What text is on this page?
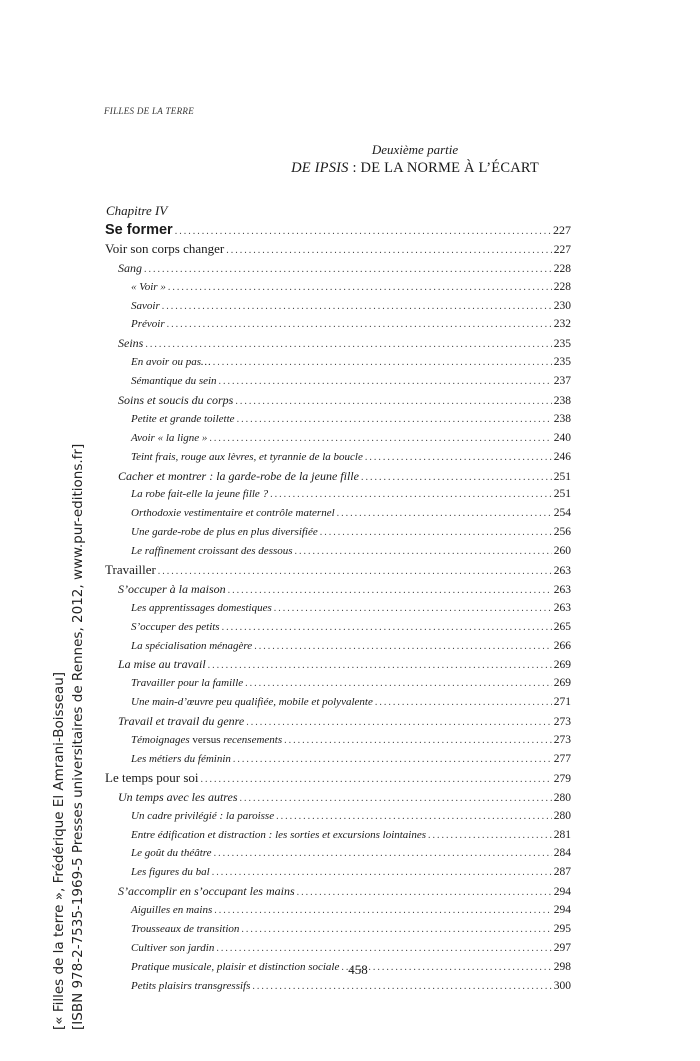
FILLES DE LA TERRE
Deuxième partie
DE IPSIS : DE LA NORME À L’ÉCART
Chapitre IV
Se former .....	227
Voir son corps changer .....	227
Sang .....	228
« Voir » .....	228
Savoir .....	230
Prévoir .....	232
Seins .....	235
En avoir ou pas… .....	235
Sémantique du sein .....	237
Soins et soucis du corps .....	238
Petite et grande toilette .....	238
Avoir « la ligne » .....	240
Teint frais, rouge aux lèvres, et tyrannie de la boucle .....	246
Cacher et montrer : la garde-robe de la jeune fille .....	251
La robe fait-elle la jeune fille ? .....	251
Orthodoxie vestimentaire et contrôle maternel .....	254
Une garde-robe de plus en plus diversifiée .....	256
Le raffinement croissant des dessous .....	260
Travailler .....	263
S’occuper à la maison .....	263
Les apprentissages domestiques .....	263
S’occuper des petits .....	265
La spécialisation ménagère .....	266
La mise au travail .....	269
Travailler pour la famille .....	269
Une main-d’œuvre peu qualifiée, mobile et polyvalente .....	271
Travail et travail du genre .....	273
Témoignages versus recensements .....	273
Les métiers du féminin .....	277
Le temps pour soi .....	279
Un temps avec les autres .....	280
Un cadre privilégié : la paroisse .....	280
Entre édification et distraction : les sorties et excursions lointaines .....	281
Le goût du théâtre .....	284
Les figures du bal .....	287
S’accomplir en s’occupant les mains .....	294
Aiguilles en mains .....	294
Trousseaux de transition .....	295
Cultiver son jardin .....	297
Pratique musicale, plaisir et distinction sociale .....	298
Petits plaisirs transgressifs .....	300
458
[« Filles de la terre », Frédérique El Amrani-Boisseau] [ISBN 978-2-7535-1969-5 Presses universitaires de Rennes, 2012, www.pur-editions.fr]
